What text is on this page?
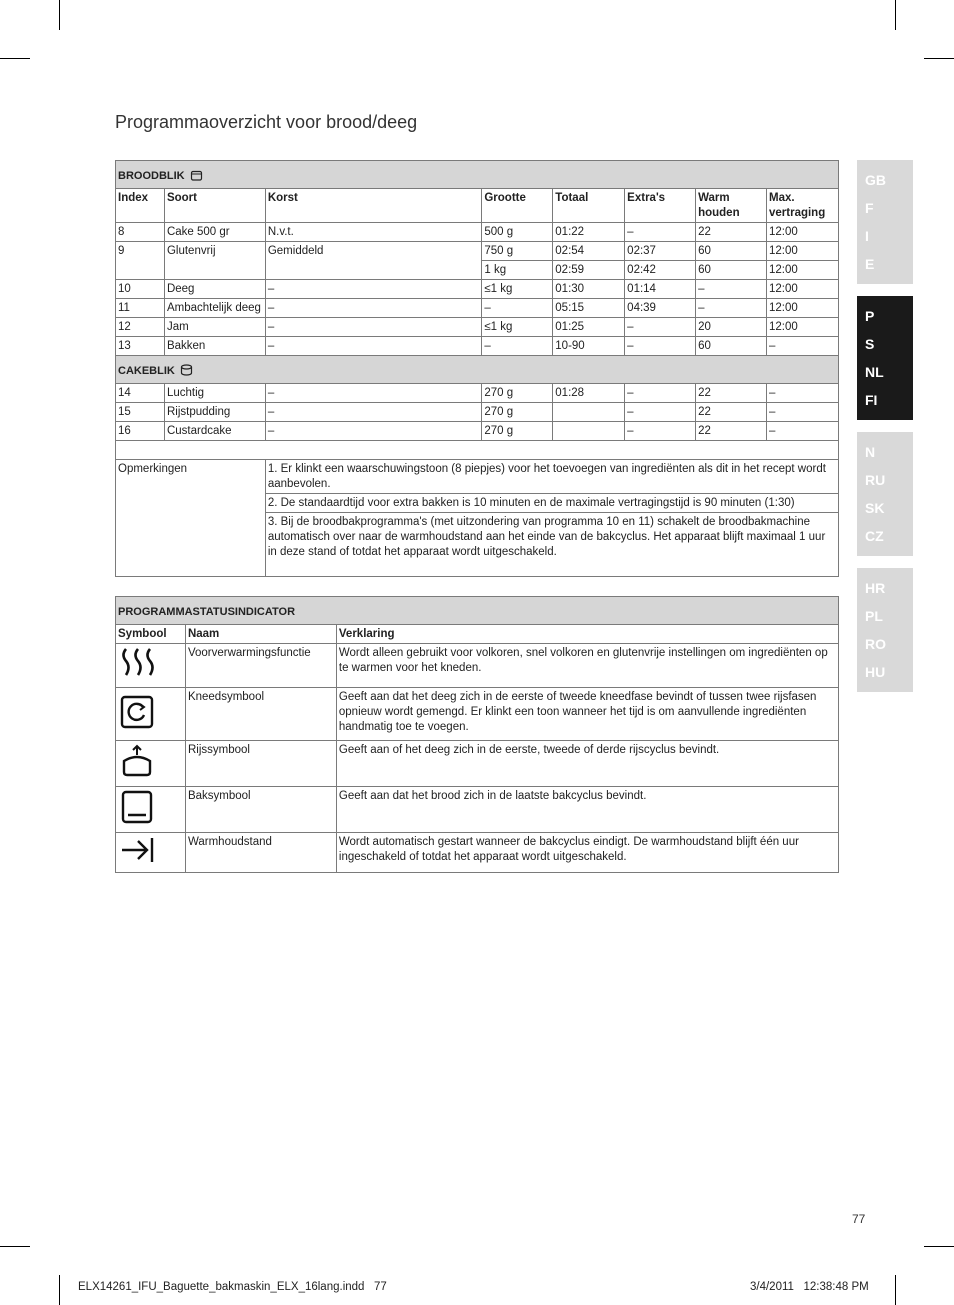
Programmaoverzicht voor brood/deeg
BROODBLIK							
Index	Soort	Korst	Grootte	Totaal	Extra's	Warm houden	Max. vertraging
8	Cake 500 gr	N.v.t.	500 g	01:22	–	22	12:00
9	Glutenvrij	Gemiddeld	750 g	02:54	02:37	60	12:00
			1 kg	02:59	02:42	60	12:00
10	Deeg	–	≤1 kg	01:30	01:14	–	12:00
11	Ambachtelijk deeg	–	–	05:15	04:39	–	12:00
12	Jam	–	≤1 kg	01:25	–	20	12:00
13	Bakken	–	–	10-90	–	60	–
CAKEBLIK							
14	Luchtig	–	270 g	01:28	–	22	–
15	Rijstpudding	–	270 g		–	22	–
16	Custardcake	–	270 g		–	22	–

Opmerkingen		1. Er klinkt een waarschuwingstoon (8 piepjes) voor het toevoegen van ingrediënten als dit in het recept wordt aanbevolen.					
		2. De standaardtijd voor extra bakken is 10 minuten en de maximale vertragingstijd is 90 minuten (1:30)					
		3. Bij de broodbakprogramma's (met uitzondering van programma 10 en 11) schakelt de broodbakmachine automatisch over naar de warmhoudstand aan het einde van de bakcyclus. Het apparaat blijft maximaal 1 uur in deze stand of totdat het apparaat wordt uitgeschakeld.					
PROGRAMMASTATUSINDICATOR		
Symbool	Naam	Verklaring
	Voorverwarmingsfunctie	Wordt alleen gebruikt voor volkoren, snel volkoren en glutenvrije instellingen om ingrediënten op te warmen voor het kneden.
	Kneedsymbool	Geeft aan dat het deeg zich in de eerste of tweede kneedfase bevindt of tussen twee rijsfasen opnieuw wordt gemengd. Er klinkt een toon wanneer het tijd is om aanvullende ingrediënten handmatig toe te voegen.
	Rijssymbool	Geeft aan of het deeg zich in de eerste, tweede of derde rijscyclus bevindt.
	Baksymbool	Geeft aan dat het brood zich in de laatste bakcyclus bevindt.
	Warmhoudstand	Wordt automatisch gestart wanneer de bakcyclus eindigt. De warmhoudstand blijft één uur ingeschakeld of totdat het apparaat wordt uitgeschakeld.
GB
F
I
E
P
S
NL
FI
N
RU
SK
CZ
HR
PL
RO
HU
77
ELX14261_IFU_Baguette_bakmaskin_ELX_16lang.indd   77	3/4/2011   12:38:48 PM
